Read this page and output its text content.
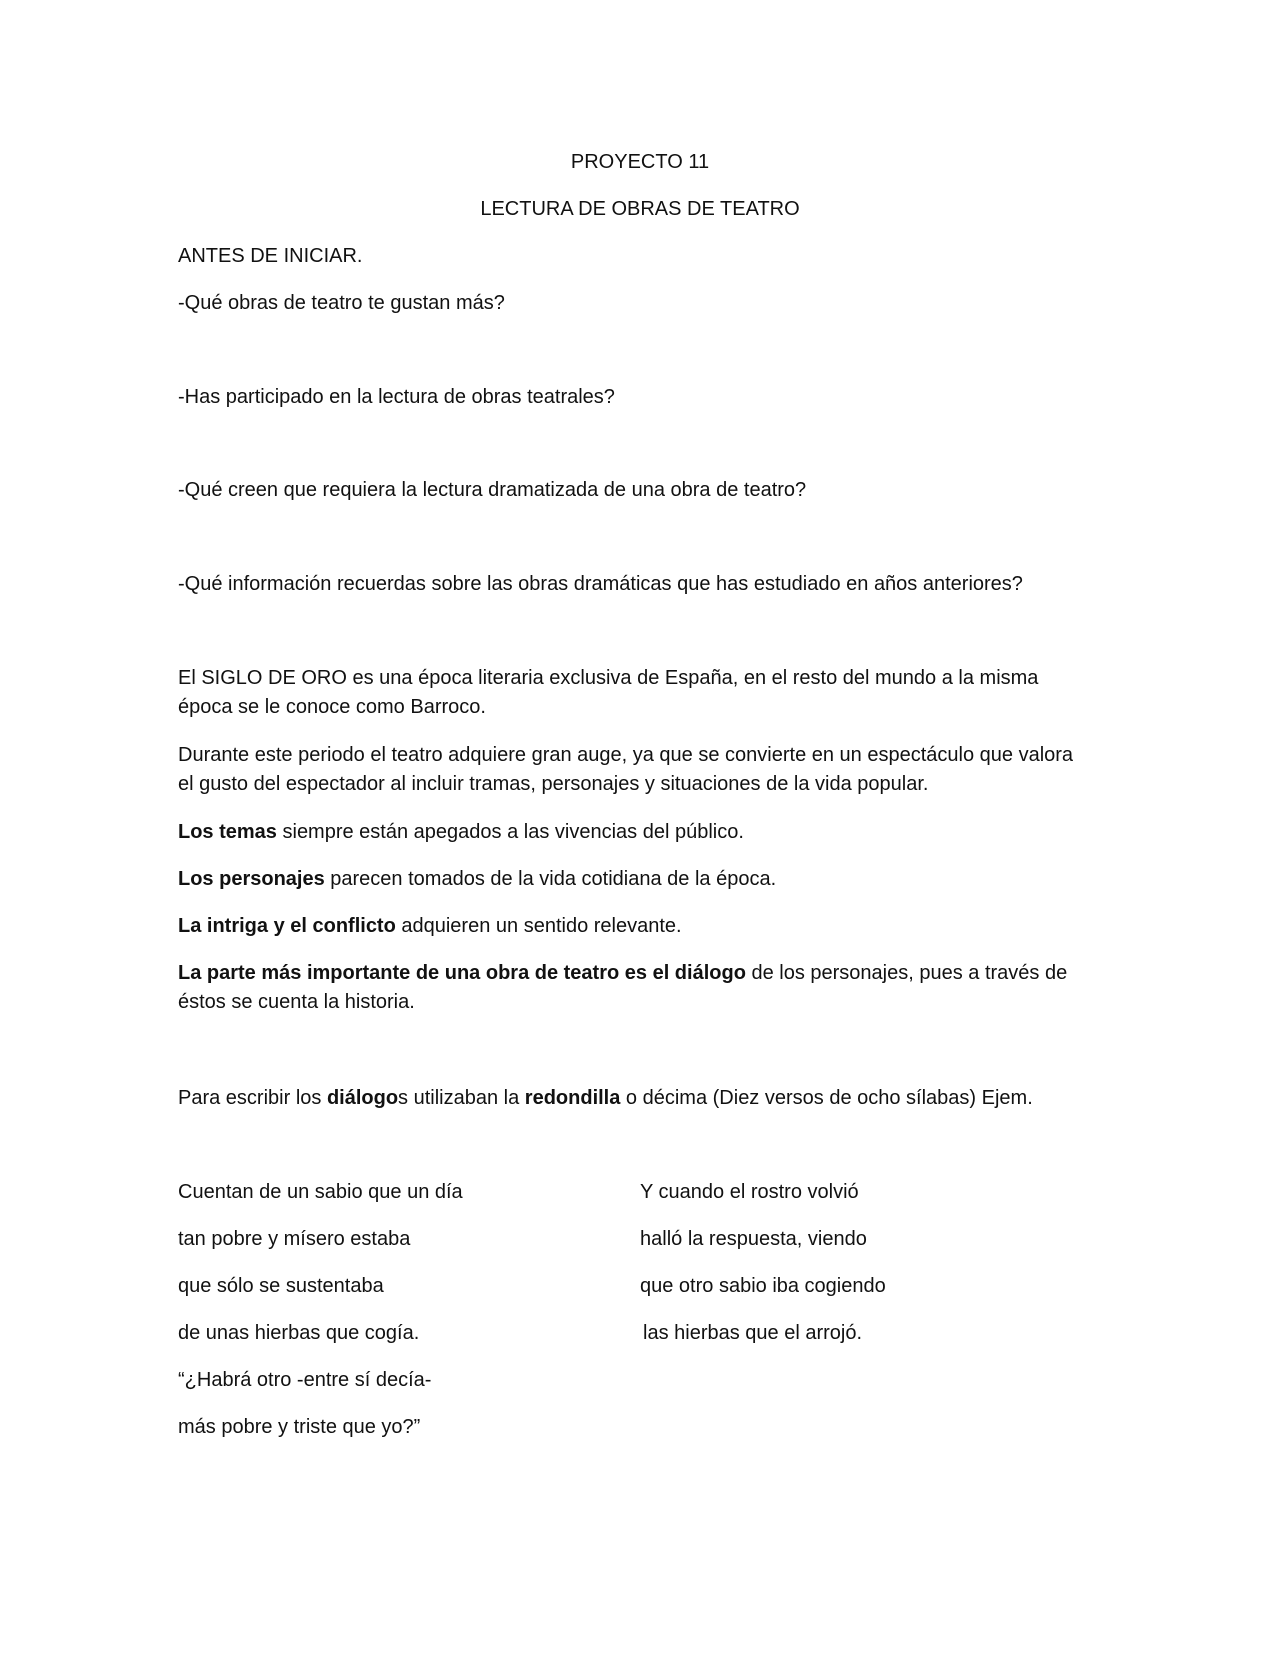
PROYECTO 11

LECTURA DE OBRAS DE TEATRO

ANTES DE INICIAR.

-Qué obras de teatro te gustan más?

-Has participado en la lectura de obras teatrales?

-Qué creen que requiera la lectura dramatizada de una obra de teatro?

-Qué información recuerdas sobre las obras dramáticas que has estudiado en años anteriores?

El SIGLO DE ORO es una época literaria exclusiva de España, en el resto del mundo a la misma época se le conoce como Barroco.

Durante este periodo el teatro adquiere gran auge, ya que se convierte en un espectáculo que valora el gusto del espectador al incluir tramas, personajes y situaciones de la vida popular.

Los temas siempre están apegados a las vivencias del público.

Los personajes parecen tomados de la vida cotidiana de la época.

La intriga y el conflicto adquieren un sentido relevante.

La parte más importante de una obra de teatro es el diálogo de los personajes, pues a través de éstos se cuenta la historia.

Para escribir los diálogos utilizaban la redondilla o décima (Diez versos de ocho sílabas) Ejem.

Cuentan de un sabio que un día

tan pobre y mísero estaba

que sólo se sustentaba

de unas hierbas que cogía.

“¿Habrá otro -entre sí decía-

más pobre y triste que yo?”

Y cuando el rostro volvió

halló la respuesta, viendo

que otro sabio iba cogiendo

las hierbas que el arrojó.
